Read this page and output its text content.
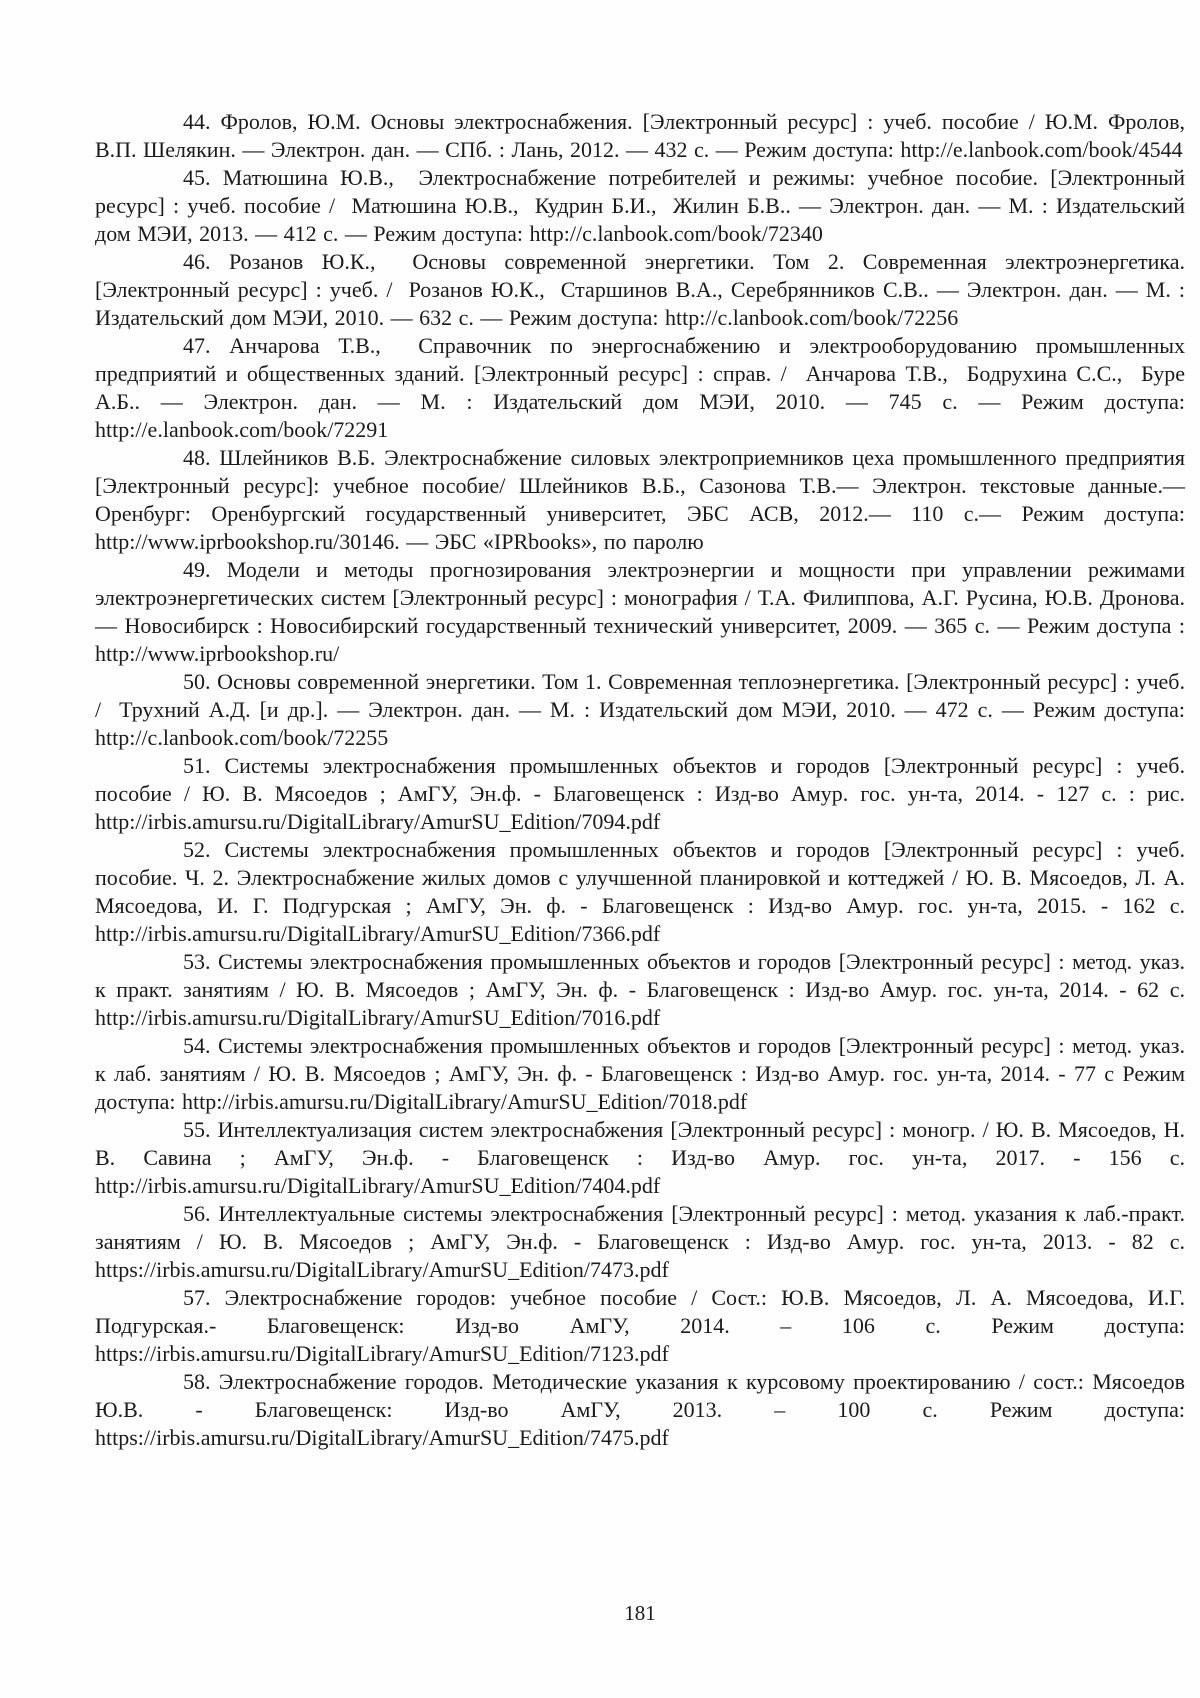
44. Фролов, Ю.М. Основы электроснабжения. [Электронный ресурс] : учеб. пособие / Ю.М. Фролов, В.П. Шелякин. — Электрон. дан. — СПб. : Лань, 2012. — 432 с. — Режим доступа: http://e.lanbook.com/book/4544

45. Матюшина Ю.В.,  Электроснабжение потребителей и режимы: учебное пособие. [Электронный ресурс] : учеб. пособие /  Матюшина Ю.В.,  Кудрин Б.И.,  Жилин Б.В.. — Электрон. дан. — М. : Издательский дом МЭИ, 2013. — 412 с. — Режим доступа: http://c.lanbook.com/book/72340

46. Розанов Ю.К.,  Основы современной энергетики. Том 2. Современная электроэнергетика. [Электронный ресурс] : учеб. /  Розанов Ю.К.,  Старшинов В.А., Серебрянников С.В.. — Электрон. дан. — М. : Издательский дом МЭИ, 2010. — 632 с. — Режим доступа: http://c.lanbook.com/book/72256

47. Анчарова Т.В.,  Справочник по энергоснабжению и электрооборудованию промышленных предприятий и общественных зданий. [Электронный ресурс] : справ. /  Анчарова Т.В.,  Бодрухина С.С.,  Буре А.Б.. — Электрон. дан. — М. : Издательский дом МЭИ, 2010. — 745 с. — Режим доступа: http://e.lanbook.com/book/72291

48. Шлейников В.Б. Электроснабжение силовых электроприемников цеха промышленного предприятия [Электронный ресурс]: учебное пособие/ Шлейников В.Б., Сазонова Т.В.— Электрон. текстовые данные.— Оренбург: Оренбургский государственный университет, ЭБС АСВ, 2012.— 110 с.— Режим доступа: http://www.iprbookshop.ru/30146. — ЭБС «IPRbooks», по паролю

49. Модели и методы прогнозирования электроэнергии и мощности при управлении режимами электроэнергетических систем [Электронный ресурс] : монография / Т.А. Филиппова, А.Г. Русина, Ю.В. Дронова. — Новосибирск : Новосибирский государственный технический университет, 2009. — 365 с. — Режим доступа : http://www.iprbookshop.ru/

50. Основы современной энергетики. Том 1. Современная теплоэнергетика. [Электронный ресурс] : учеб. /  Трухний А.Д. [и др.]. — Электрон. дан. — М. : Издательский дом МЭИ, 2010. — 472 с. — Режим доступа: http://c.lanbook.com/book/72255

51. Системы электроснабжения промышленных объектов и городов [Электронный ресурс] : учеб. пособие / Ю. В. Мясоедов ; АмГУ, Эн.ф. - Благовещенск : Изд-во Амур. гос. ун-та, 2014. - 127 с. : рис.  http://irbis.amursu.ru/DigitalLibrary/AmurSU_Edition/7094.pdf

52. Системы электроснабжения промышленных объектов и городов [Электронный ресурс] : учеб. пособие. Ч. 2. Электроснабжение жилых домов с улучшенной планировкой и коттеджей / Ю. В. Мясоедов, Л. А. Мясоедова, И. Г. Подгурская ; АмГУ, Эн. ф. - Благовещенск : Изд-во Амур. гос. ун-та, 2015. - 162 с. http://irbis.amursu.ru/DigitalLibrary/AmurSU_Edition/7366.pdf

53. Системы электроснабжения промышленных объектов и городов [Электронный ресурс] : метод. указ. к практ. занятиям / Ю. В. Мясоедов ; АмГУ, Эн. ф. - Благовещенск : Изд-во Амур. гос. ун-та, 2014. - 62 с.  http://irbis.amursu.ru/DigitalLibrary/AmurSU_Edition/7016.pdf

54. Системы электроснабжения промышленных объектов и городов [Электронный ресурс] : метод. указ. к лаб. занятиям / Ю. В. Мясоедов ; АмГУ, Эн. ф. - Благовещенск : Изд-во Амур. гос. ун-та, 2014. - 77 с Режим доступа: http://irbis.amursu.ru/DigitalLibrary/AmurSU_Edition/7018.pdf

55. Интеллектуализация систем электроснабжения [Электронный ресурс] : моногр. / Ю. В. Мясоедов, Н. В. Савина ; АмГУ, Эн.ф. - Благовещенск : Изд-во Амур. гос. ун-та, 2017. - 156 с.  http://irbis.amursu.ru/DigitalLibrary/AmurSU_Edition/7404.pdf

56. Интеллектуальные системы электроснабжения [Электронный ресурс] : метод. указания к лаб.-практ. занятиям / Ю. В. Мясоедов ; АмГУ, Эн.ф. - Благовещенск : Изд-во Амур. гос. ун-та, 2013. - 82 с. https://irbis.amursu.ru/DigitalLibrary/AmurSU_Edition/7473.pdf

57. Электроснабжение городов: учебное пособие / Сост.: Ю.В. Мясоедов, Л. А. Мясоедова, И.Г. Подгурская.- Благовещенск: Изд-во АмГУ, 2014. – 106 с. Режим доступа: https://irbis.amursu.ru/DigitalLibrary/AmurSU_Edition/7123.pdf

58. Электроснабжение городов. Методические указания к курсовому проектированию / сост.: Мясоедов Ю.В. - Благовещенск: Изд-во АмГУ, 2013. – 100 с. Режим доступа: https://irbis.amursu.ru/DigitalLibrary/AmurSU_Edition/7475.pdf

181
